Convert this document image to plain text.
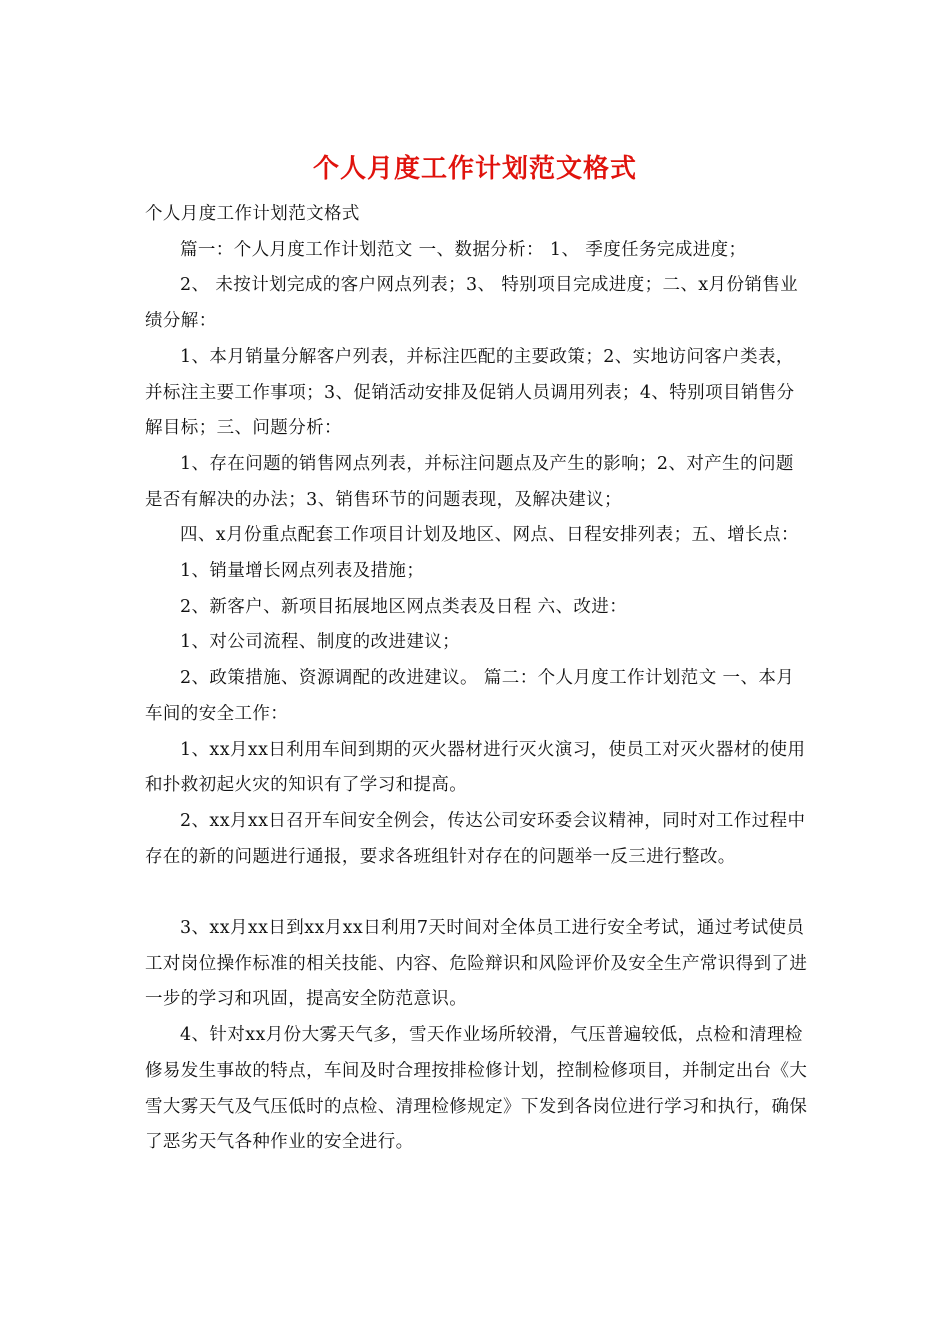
个人月度工作计划范文格式

个人月度工作计划范文格式

篇一：个人月度工作计划范文 一、数据分析： 1、 季度任务完成进度；

2、 未按计划完成的客户网点列表；3、 特别项目完成进度；二、x月份销售业绩分解：

1、本月销量分解客户列表，并标注匹配的主要政策；2、实地访问客户类表，并标注主要工作事项；3、促销活动安排及促销人员调用列表；4、特别项目销售分解目标；三、问题分析：

1、存在问题的销售网点列表，并标注问题点及产生的影响；2、对产生的问题是否有解决的办法；3、销售环节的问题表现，及解决建议；

四、x月份重点配套工作项目计划及地区、网点、日程安排列表；五、增长点：

1、销量增长网点列表及措施；

2、新客户、新项目拓展地区网点类表及日程 六、改进：

1、对公司流程、制度的改进建议；

2、政策措施、资源调配的改进建议。 篇二：个人月度工作计划范文 一、本月车间的安全工作：

1、xx月xx日利用车间到期的灭火器材进行灭火演习，使员工对灭火器材的使用和扑救初起火灾的知识有了学习和提高。

2、xx月xx日召开车间安全例会，传达公司安环委会议精神，同时对工作过程中存在的新的问题进行通报，要求各班组针对存在的问题举一反三进行整改。

3、xx月xx日到xx月xx日利用7天时间对全体员工进行安全考试，通过考试使员工对岗位操作标准的相关技能、内容、危险辩识和风险评价及安全生产常识得到了进一步的学习和巩固，提高安全防范意识。

4、针对xx月份大雾天气多，雪天作业场所较滑，气压普遍较低，点检和清理检修易发生事故的特点，车间及时合理按排检修计划，控制检修项目，并制定出台《大雪大雾天气及气压低时的点检、清理检修规定》下发到各岗位进行学习和执行，确保了恶劣天气各种作业的安全进行。
